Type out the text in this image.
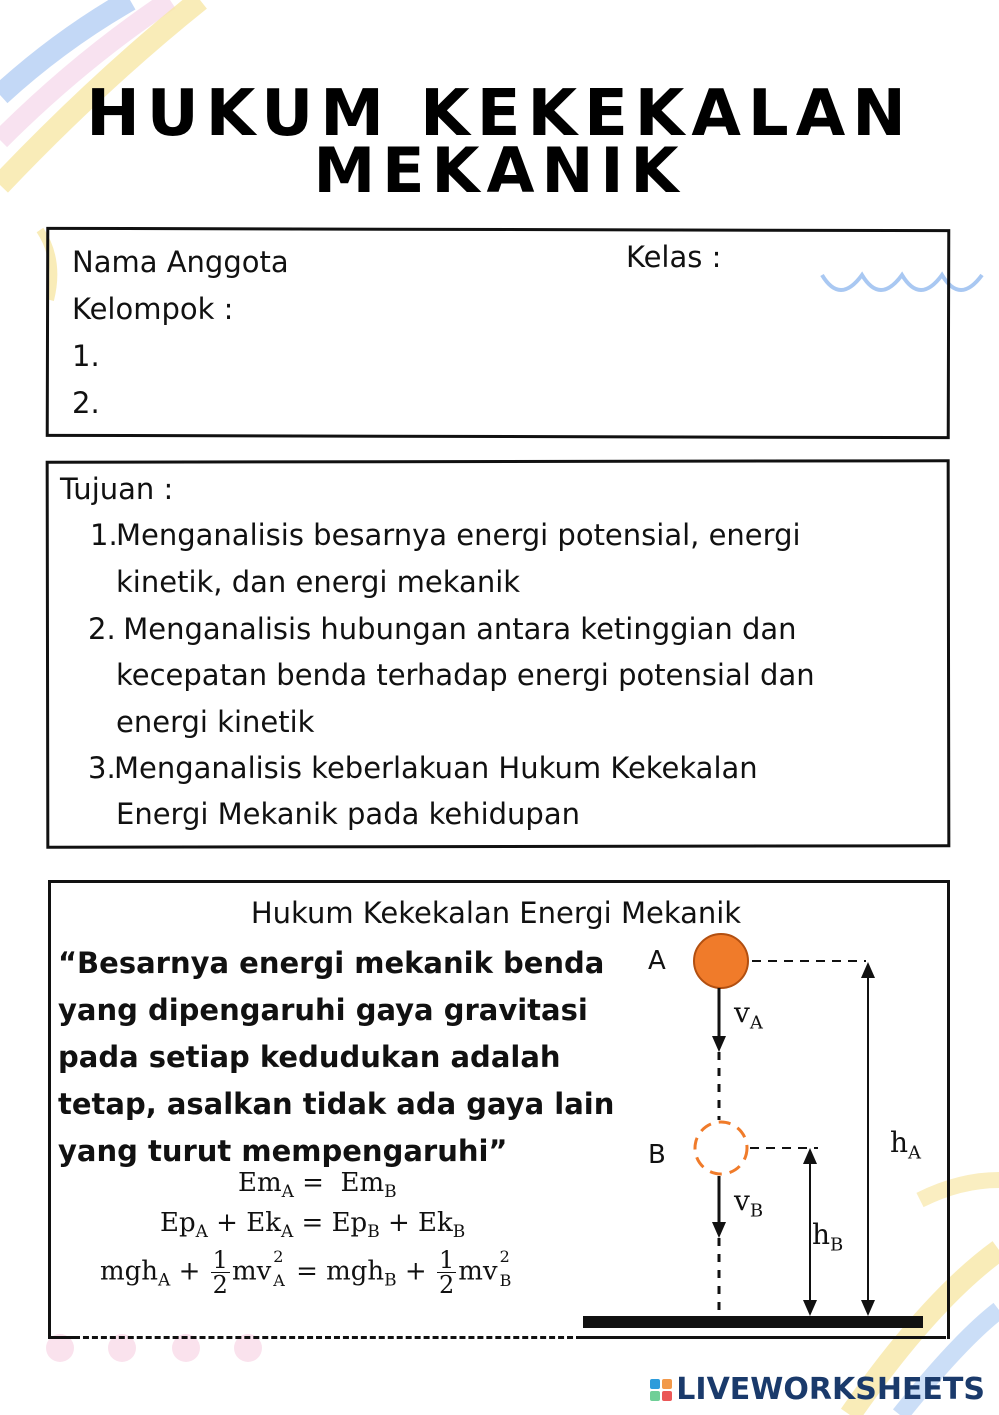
HUKUM KEKEKALAN
MEKANIK
Nama Anggota	Kelas :
Kelompok :
1.
2.
Tujuan :
1.Menganalisis besarnya energi potensial, energi
kinetik, dan energi mekanik
2. Menganalisis hubungan antara ketinggian dan
kecepatan benda terhadap energi potensial dan
energi kinetik
3.Menganalisis keberlakuan Hukum Kekekalan
Energi Mekanik pada kehidupan
Hukum Kekekalan Energi Mekanik
“Besarnya energi mekanik benda
yang dipengaruhi gaya gravitasi
pada setiap kedudukan adalah
tetap, asalkan tidak ada gaya lain
yang turut mempengaruhi”
$Em_A = Em_B$
$Ep_A + Ek_A = Ep_B + Ek_B$
$mgh_A + \frac{1}{2}$ mv
2
$A = mgh_B + \frac{1}{2}$ mv
2
B
A
B
$v_A$
$v_B$
$h_A$
$h_B$
LIVEWORKSHEETS
